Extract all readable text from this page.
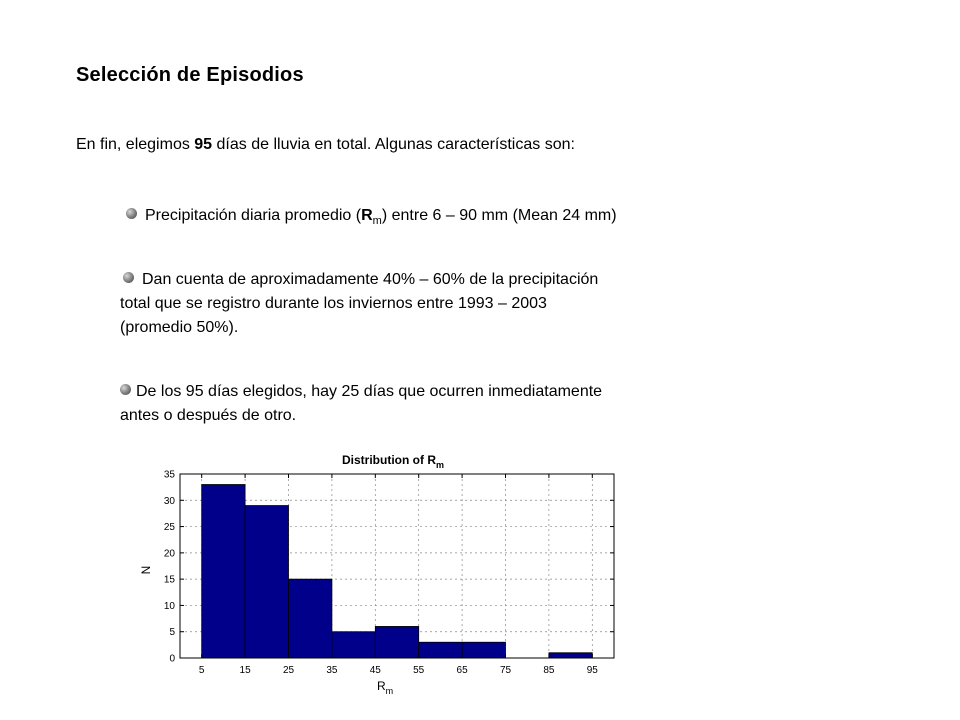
Selección de Episodios
En fin, elegimos 95 días de lluvia en total. Algunas características son:
Precipitación diaria promedio $(R_m)$ entre 6 – 90 mm (Mean 24 mm)
Dan cuenta de aproximadamente 40% – 60% de la precipitación
total que se registro durante los inviernos entre 1993 – 2003
(promedio 50%).
De los 95 días elegidos, hay 25 días que ocurren inmediatamente
antes o después de otro.
Distribution of $R_m$
5	15	25	35	45	55	65	75	85	95
0
5
10
15
20
25
30
35
N
$R_m$
